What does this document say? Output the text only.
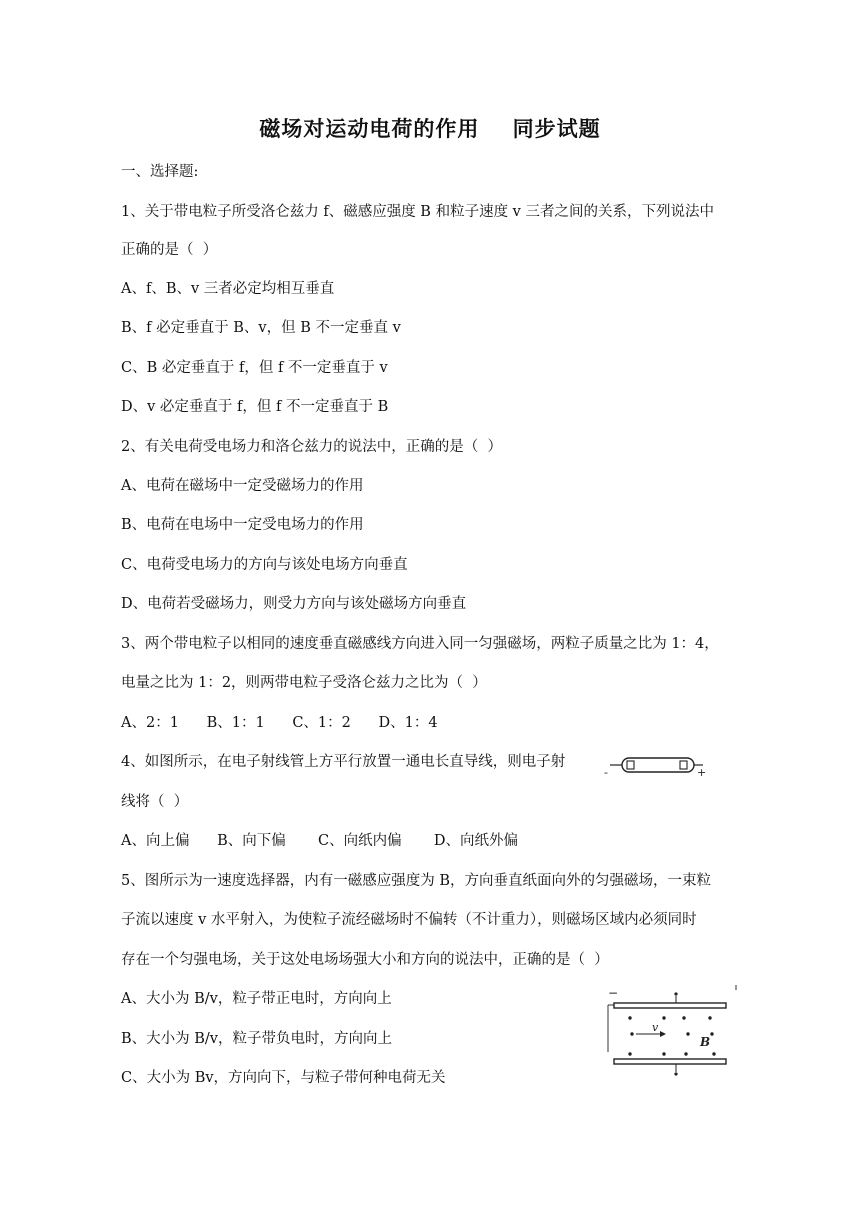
磁场对运动电荷的作用    同步试题
一、选择题:
1、关于带电粒子所受洛仑兹力 f、磁感应强度 B 和粒子速度 v 三者之间的关系，下列说法中
正确的是（  ）
A、f、B、v 三者必定均相互垂直
B、f 必定垂直于 B、v，但 B 不一定垂直 v
C、B 必定垂直于 f，但 f 不一定垂直于 v
D、v 必定垂直于 f，但 f 不一定垂直于 B
2、有关电荷受电场力和洛仑兹力的说法中，正确的是（  ）
A、电荷在磁场中一定受磁场力的作用
B、电荷在电场中一定受电场力的作用
C、电荷受电场力的方向与该处电场方向垂直
D、电荷若受磁场力，则受力方向与该处磁场方向垂直
3、两个带电粒子以相同的速度垂直磁感线方向进入同一匀强磁场，两粒子质量之比为 1：4，
电量之比为 1：2，则两带电粒子受洛仑兹力之比为（  ）
A、2：1      B、1：1      C、1：2      D、1：4
4、如图所示，在电子射线管上方平行放置一通电长直导线，则电子射
线将（  ）
A、向上偏      B、向下偏       C、向纸内偏       D、向纸外偏
-	+
5、图所示为一速度选择器，内有一磁感应强度为 B，方向垂直纸面向外的匀强磁场，一束粒
子流以速度 v 水平射入，为使粒子流经磁场时不偏转（不计重力），则磁场区域内必须同时
存在一个匀强电场，关于这处电场场强大小和方向的说法中，正确的是（  ）
A、大小为 B/v，粒子带正电时，方向向上
B、大小为 B/v，粒子带负电时，方向向上
C、大小为 Bv，方向向下，与粒子带何种电荷无关
−
v
B
